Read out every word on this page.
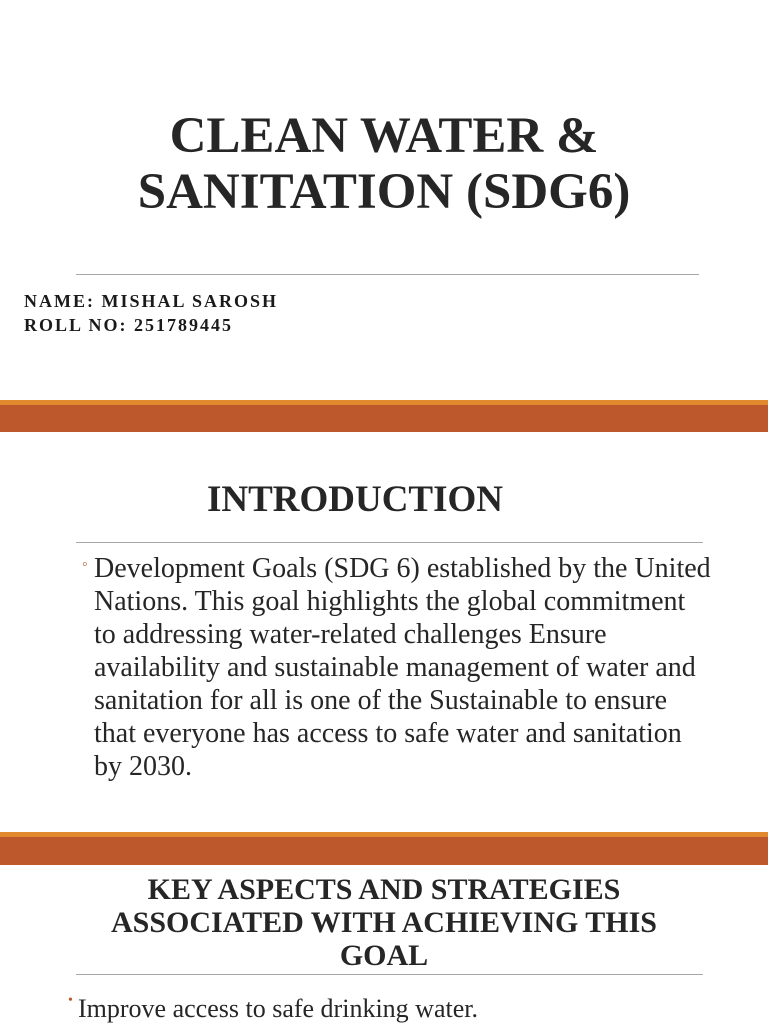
CLEAN WATER &
SANITATION (SDG6)
NAME: MISHAL SAROSH
ROLL NO: 251789445
INTRODUCTION

◦ Development Goals (SDG 6) established by the United Nations. This goal highlights the global commitment to addressing water-related challenges Ensure availability and sustainable management of water and sanitation for all is one of the Sustainable to ensure that everyone has access to safe water and sanitation by 2030.

KEY ASPECTS AND STRATEGIES
ASSOCIATED WITH ACHIEVING THIS
GOAL
• Improve access to safe drinking water.
